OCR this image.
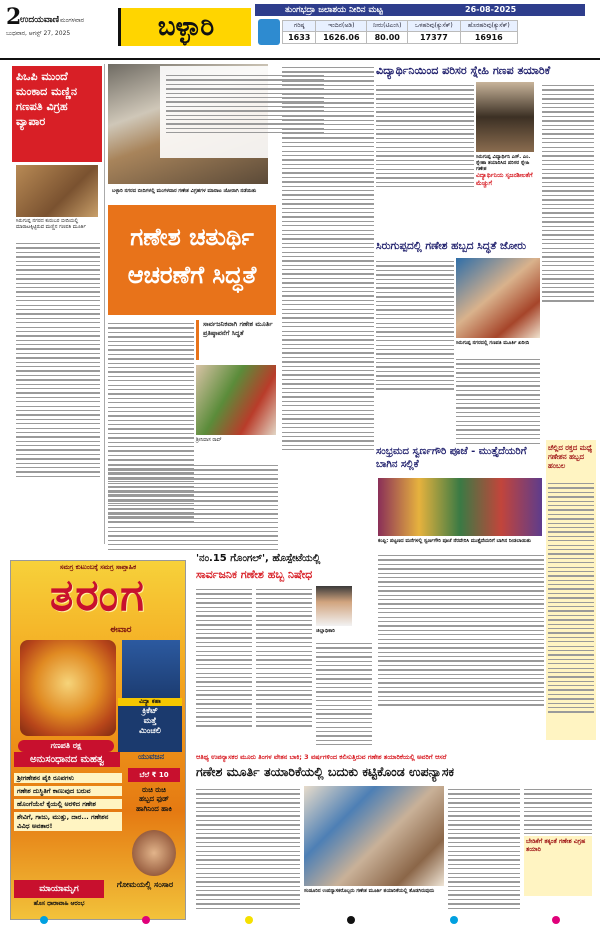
2
ಉದಯವಾಣಿ ಮಂಗಳವಾರ
ಬುಧವಾರ, ಆಗಸ್ಟ್ 27, 2025	ಬಳ್ಳಾರಿ
ತುಂಗಭದ್ರಾ ಜಲಾಶಯ ನೀರಿನ ಮಟ್ಟ	26-08-2025
ಗರಿಷ್ಠ	ಇಂದಿನ(ಅಡಿ)	ನೀರು(ಟಿಎಂಸಿ)	ಒಳಹರಿವು(ಕ್ಯುಸೆಕ್)	ಹೊರಹರಿವು(ಕ್ಯುಸೆಕ್)
1633	1626.06	80.00	17377	16916
ಪಿಒಪಿ ಮುಂದೆ ಮಂಕಾದ ಮಣ್ಣಿನ ಗಣಪತಿ ವಿಗ್ರಹ ವ್ಯಾಪಾರ
ಸಿರುಗುಪ್ಪ ನಗರದ ಕುರುಬರ ಬೀದಿಯಲ್ಲಿ ಮಾರಾಟಕ್ಕಿಟ್ಟಿರುವ ಮಣ್ಣಿನ ಗಣಪತಿ ಮೂರ್ತಿ
ಬಳ್ಳಾರಿ ನಗರದ ಬೀದಿಗಳಲ್ಲಿ ಮಂಗಳವಾರ ಗಣೇಶ ವಿಗ್ರಹಗಳ ಮಾರಾಟ ಜೋರಾಗಿ ನಡೆಯಿತು
ಗಣೇಶ ಚತುರ್ಥಿ
ಆಚರಣೆಗೆ ಸಿದ್ಧತೆ
ಸಾರ್ವಜನಿಕವಾಗಿ ಗಣೇಶ ಮೂರ್ತಿ ಪ್ರತಿಷ್ಠಾಪನೆಗೆ ಸಿದ್ಧತೆ
ಶ್ರೀನಿವಾಸ ರಾವ್
ವಿದ್ಯಾರ್ಥಿನಿಯಿಂದ ಪರಿಸರ ಸ್ನೇಹಿ ಗಣಪ ತಯಾರಿಕೆ
ಸಿರುಗುಪ್ಪ ವಿದ್ಯಾರ್ಥಿನಿ ಎಸ್. ಎಂ. ಸ್ನೇಹಾ ತಯಾರಿಸಿದ ಪರಿಸರ ಸ್ನೇಹಿ ಗಣೇಶ
ವಿದ್ಯಾರ್ಥಿನಿಯ ಸೃಜನಶೀಲತೆಗೆ ಮೆಚ್ಚುಗೆ
ಸಿರುಗುಪ್ಪದಲ್ಲಿ ಗಣೇಶ ಹಬ್ಬದ ಸಿದ್ಧತೆ ಜೋರು
ಸಿರುಗುಪ್ಪ ನಗರದಲ್ಲಿ ಗಣಪತಿ ಮೂರ್ತಿ ಖರೀದಿ
ಸಂಭ್ರಮದ ಸ್ವರ್ಣಗೌರಿ ಪೂಜೆ - ಮುತ್ತೈದೆಯರಿಗೆ ಬಾಗಿನ ಸಲ್ಲಿಕೆ
ಕಂಪ್ಲಿ: ಪಟ್ಟಣದ ಮನೆಗಳಲ್ಲಿ ಸ್ವರ್ಣಗೌರಿ ಪೂಜೆ ನೆರವೇರಿಸಿ ಮುತ್ತೈದೆಯರಿಗೆ ಬಾಗಿನ ನೀಡಲಾಯಿತು
ಚೆಲ್ಲಿದ ರಕ್ತದ ಮಧ್ಯೆ ಗಣೇಶನ ಹಬ್ಬದ ಹಂಬಲ
ಸಮಗ್ರ ಕುಟುಂಬಕ್ಕೆ ಸಮಗ್ರ ಸಾಪ್ತಾಹಿಕ
ತರಂಗ
ಈವಾರ
ವಿದ್ಯಾ ಕಹಾ
ಕ್ರಿಕೆಟ್
ಮತ್ತೆ
ಮಿಂಚಲಿ
ಯುವಜನ
ಗಣಪತಿ ರಕ್ಷ
ಅನುಸಂಧಾನದ ಮಹತ್ವ
ಶ್ರೀಗಣೇಶನ ಪೈಕಿ ರೂಪಗಳು
ಗಣೇಶ ದುಸ್ಥಿತಿಗೆ ಕಾಣುವುದ ಬರುವ
ಹೊಂಗೆಯೆಲೆ ಕೈಯಲ್ಲಿ ಅರಳಿದ ಗಣೇಶ
ಶೇವಿಗೆ, ಗಾಜು, ಮುತ್ತು, ದಾರ... ಗಣೇಶನ ವಿವಿಧ ಅವತಾರ!
ಬೆಲೆ ₹ 10
ರುಚಿ ರುಚಿ
ಹಬ್ಬದ ಫುಡ್
ಹಾಗಿನಿಂದ ಹಾಕಿ
ಮಾಯಾಮೃಗ
ಹೊಸ ಧಾರಾವಾಹಿ ಆರಂಭ
ಗೋಮಯಲ್ಲಿ ಸಂಸಾರ
'ನಂ.15 ಗೊಂಗಲ್', ಹೊಸ್ಪೇಟೆಯಲ್ಲಿ
ಸಾರ್ವಜನಿಕ ಗಣೇಶ ಹಬ್ಬ ನಿಷೇಧ
ಜಿಲ್ಲಾಧಿಕಾರಿ
ಆತಿಥ್ಯ ಉಪನ್ಯಾಸಕರ ಮೂರು ತಿಂಗಳ ವೇತನ ಬಾಕಿ; 3 ವರ್ಷಗಳಿಂದ ಕಲಿಸುತ್ತಿರುವ ಗಣೇಶ ತಯಾರಿಕೆಯಲ್ಲಿ ಅವರಿಗೆ ಆಸರೆ
ಗಣೇಶ ಮೂರ್ತಿ ತಯಾರಿಕೆಯಲ್ಲಿ ಬದುಕು ಕಟ್ಟಿಕೊಂಡ ಉಪನ್ಯಾಸಕ
ಸಂಡೂರಿನ ಉಪನ್ಯಾಸಕರೊಬ್ಬರು ಗಣೇಶ ಮೂರ್ತಿ ತಯಾರಿಕೆಯಲ್ಲಿ ತೊಡಗಿರುವುದು
ಬೇಡಿಕೆಗೆ ತಕ್ಕಂತೆ ಗಣೇಶ ವಿಗ್ರಹ ತಯಾರಿ
